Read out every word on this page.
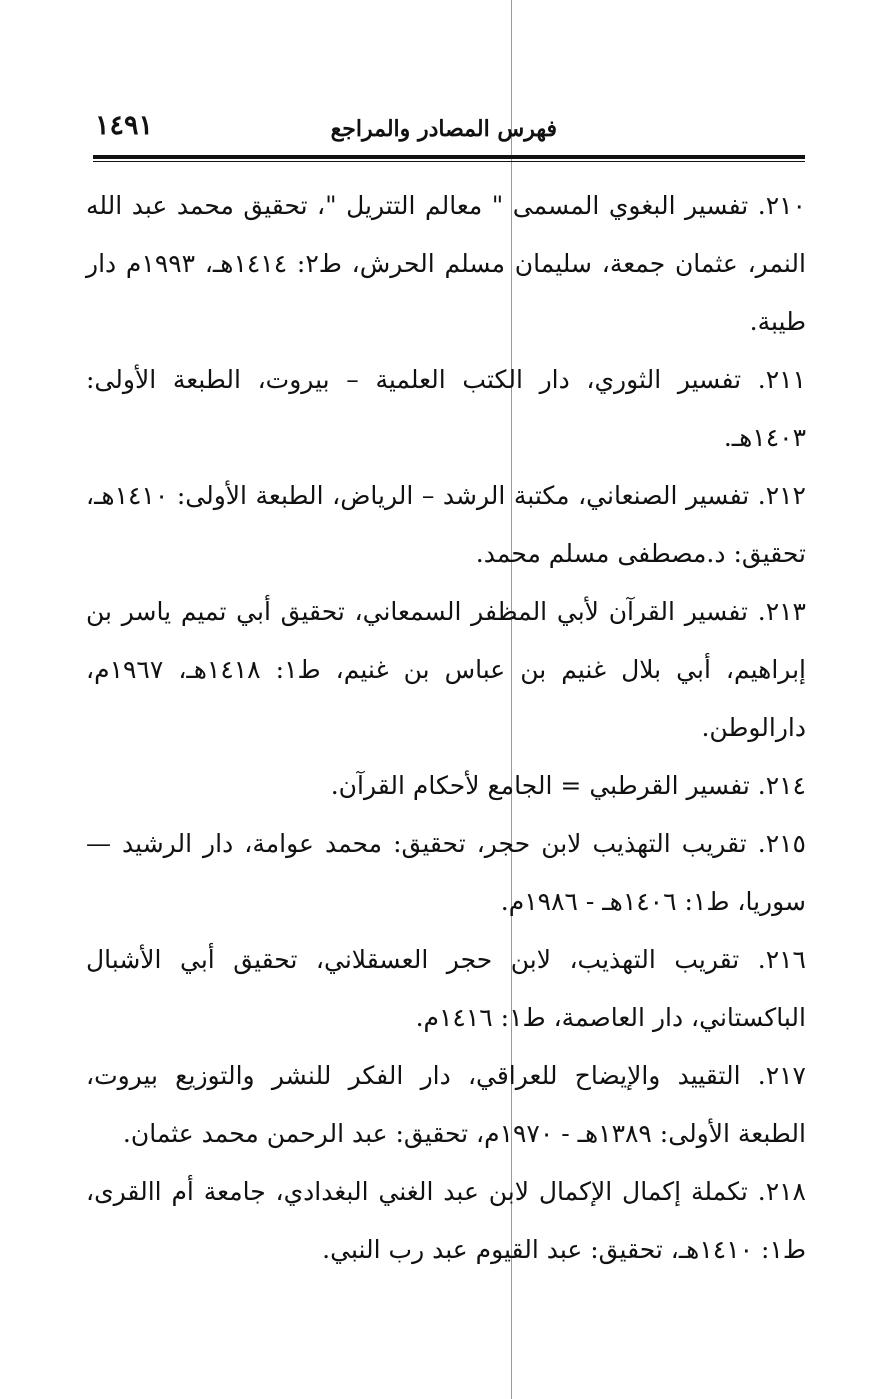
فهرس المصادر والمراجع
١٤٩١

٢١٠. تفسير البغوي المسمى " معالم التتريل "، تحقيق محمد عبد الله النمر، عثمان جمعة، سليمان مسلم الحرش، ط٢: ١٤١٤هـ، ١٩٩٣م دار طيبة.

٢١١. تفسير الثوري، دار الكتب العلمية – بيروت، الطبعة الأولى: ١٤٠٣هـ.

٢١٢. تفسير الصنعاني، مكتبة الرشد – الرياض، الطبعة الأولى: ١٤١٠هـ، تحقيق: د.مصطفى مسلم محمد.

٢١٣. تفسير القرآن لأبي المظفر السمعاني، تحقيق أبي تميم ياسر بن إبراهيم، أبي بلال غنيم بن عباس بن غنيم، ط١: ١٤١٨هـ، ١٩٦٧م، دارالوطن.

٢١٤. تفسير القرطبي = الجامع لأحكام القرآن.

٢١٥. تقريب التهذيب لابن حجر، تحقيق: محمد عوامة، دار الرشيد — سوريا، ط١: ١٤٠٦هـ - ١٩٨٦م.

٢١٦. تقريب التهذيب، لابن حجر العسقلاني، تحقيق أبي الأشبال الباكستاني، دار العاصمة، ط١: ١٤١٦م.

٢١٧. التقييد والإيضاح للعراقي، دار الفكر للنشر والتوزيع بيروت، الطبعة الأولى: ١٣٨٩هـ - ١٩٧٠م، تحقيق: عبد الرحمن محمد عثمان.

٢١٨. تكملة إكمال الإكمال لابن عبد الغني البغدادي، جامعة أم االقرى، ط١: ١٤١٠هـ، تحقيق: عبد القيوم عبد رب النبي.
